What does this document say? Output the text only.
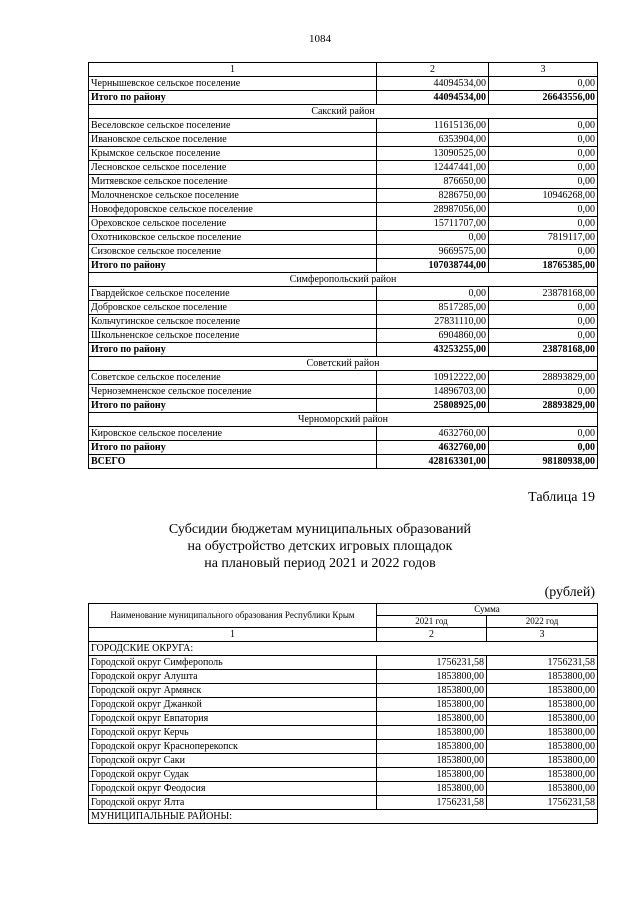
1084
1	2	3
Чернышевское сельское поселение	44094534,00	0,00
Итого по району	44094534,00	26643556,00
Сакский район		
Веселовское сельское поселение	11615136,00	0,00
Ивановское сельское поселение	6353904,00	0,00
Крымское сельское поселение	13090525,00	0,00
Лесновское сельское поселение	12447441,00	0,00
Митяевское сельское поселение	876650,00	0,00
Молочненское сельское поселение	8286750,00	10946268,00
Новофедоровское сельское поселение	28987056,00	0,00
Ореховское сельское поселение	15711707,00	0,00
Охотниковское сельское поселение	0,00	7819117,00
Сизовское сельское поселение	9669575,00	0,00
Итого по району	107038744,00	18765385,00
Симферопольский район		
Гвардейское сельское поселение	0,00	23878168,00
Добровское сельское поселение	8517285,00	0,00
Кольчугинское сельское поселение	27831110,00	0,00
Школьненское сельское поселение	6904860,00	0,00
Итого по району	43253255,00	23878168,00
Советский район		
Советское сельское поселение	10912222,00	28893829,00
Черноземненское сельское поселение	14896703,00	0,00
Итого по району	25808925,00	28893829,00
Черноморский район		
Кировское сельское поселение	4632760,00	0,00
Итого по району	4632760,00	0,00
ВСЕГО	428163301,00	98180938,00
Таблица 19
Субсидии бюджетам муниципальных образований
на обустройство детских игровых площадок
на плановый период 2021 и 2022 годов
(рублей)
Наименование муниципального образования Республики Крым	Сумма	
	2021 год	2022 год
1	2	3
ГОРОДСКИЕ ОКРУГА:		
Городской округ Симферополь	1756231,58	1756231,58
Городской округ Алушта	1853800,00	1853800,00
Городской округ Армянск	1853800,00	1853800,00
Городской округ Джанкой	1853800,00	1853800,00
Городской округ Евпатория	1853800,00	1853800,00
Городской округ Керчь	1853800,00	1853800,00
Городской округ Красноперекопск	1853800,00	1853800,00
Городской округ Саки	1853800,00	1853800,00
Городской округ Судак	1853800,00	1853800,00
Городской округ Феодосия	1853800,00	1853800,00
Городской округ Ялта	1756231,58	1756231,58
МУНИЦИПАЛЬНЫЕ РАЙОНЫ:		
